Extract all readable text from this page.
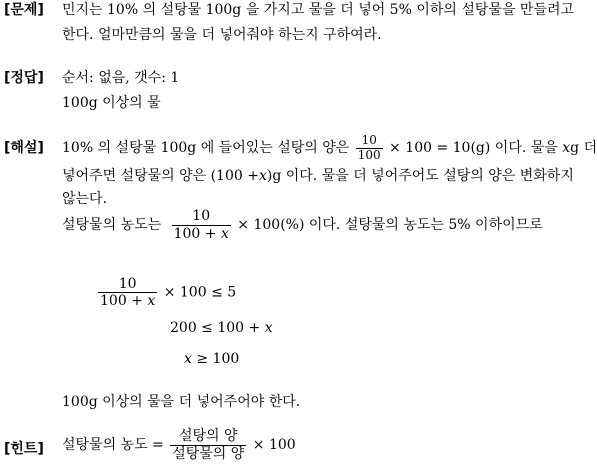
[문제] 민지는 10% 의 설탕물 100g 을 가지고 물을 더 넣어 5% 이하의 설탕물을 만들려고
한다. 얼마만큼의 물을 더 넣어줘야 하는지 구하여라.
[정답] 순서: 없음, 갯수: 1
100g 이상의 물
[해설] 10% 의 설탕물 100g 에 들어있는 설탕의 양은 $\frac{10}{100} \times 100 = 10(g)$ 이다. 물을 xg 더
넣어주면 설탕물의 양은 (100 +x)g 이다. 물을 더 넣어주어도 설탕의 양은 변화하지
않는다.
설탕물의 농도는 $\frac{10}{100 + x} \times 100(\%)$ 이다. 설탕물의 농도는 5% 이하이므로
$\frac{10}{100 + x} \times 100 \le 5$
200 ≤ 100 + x
x ≥ 100
100g 이상의 물을 더 넣어주어야 한다.
[힌트] 설탕물의 농도 = $\frac{\text{설탕의 양}}{\text{설탕물의 양}} \times 100$
